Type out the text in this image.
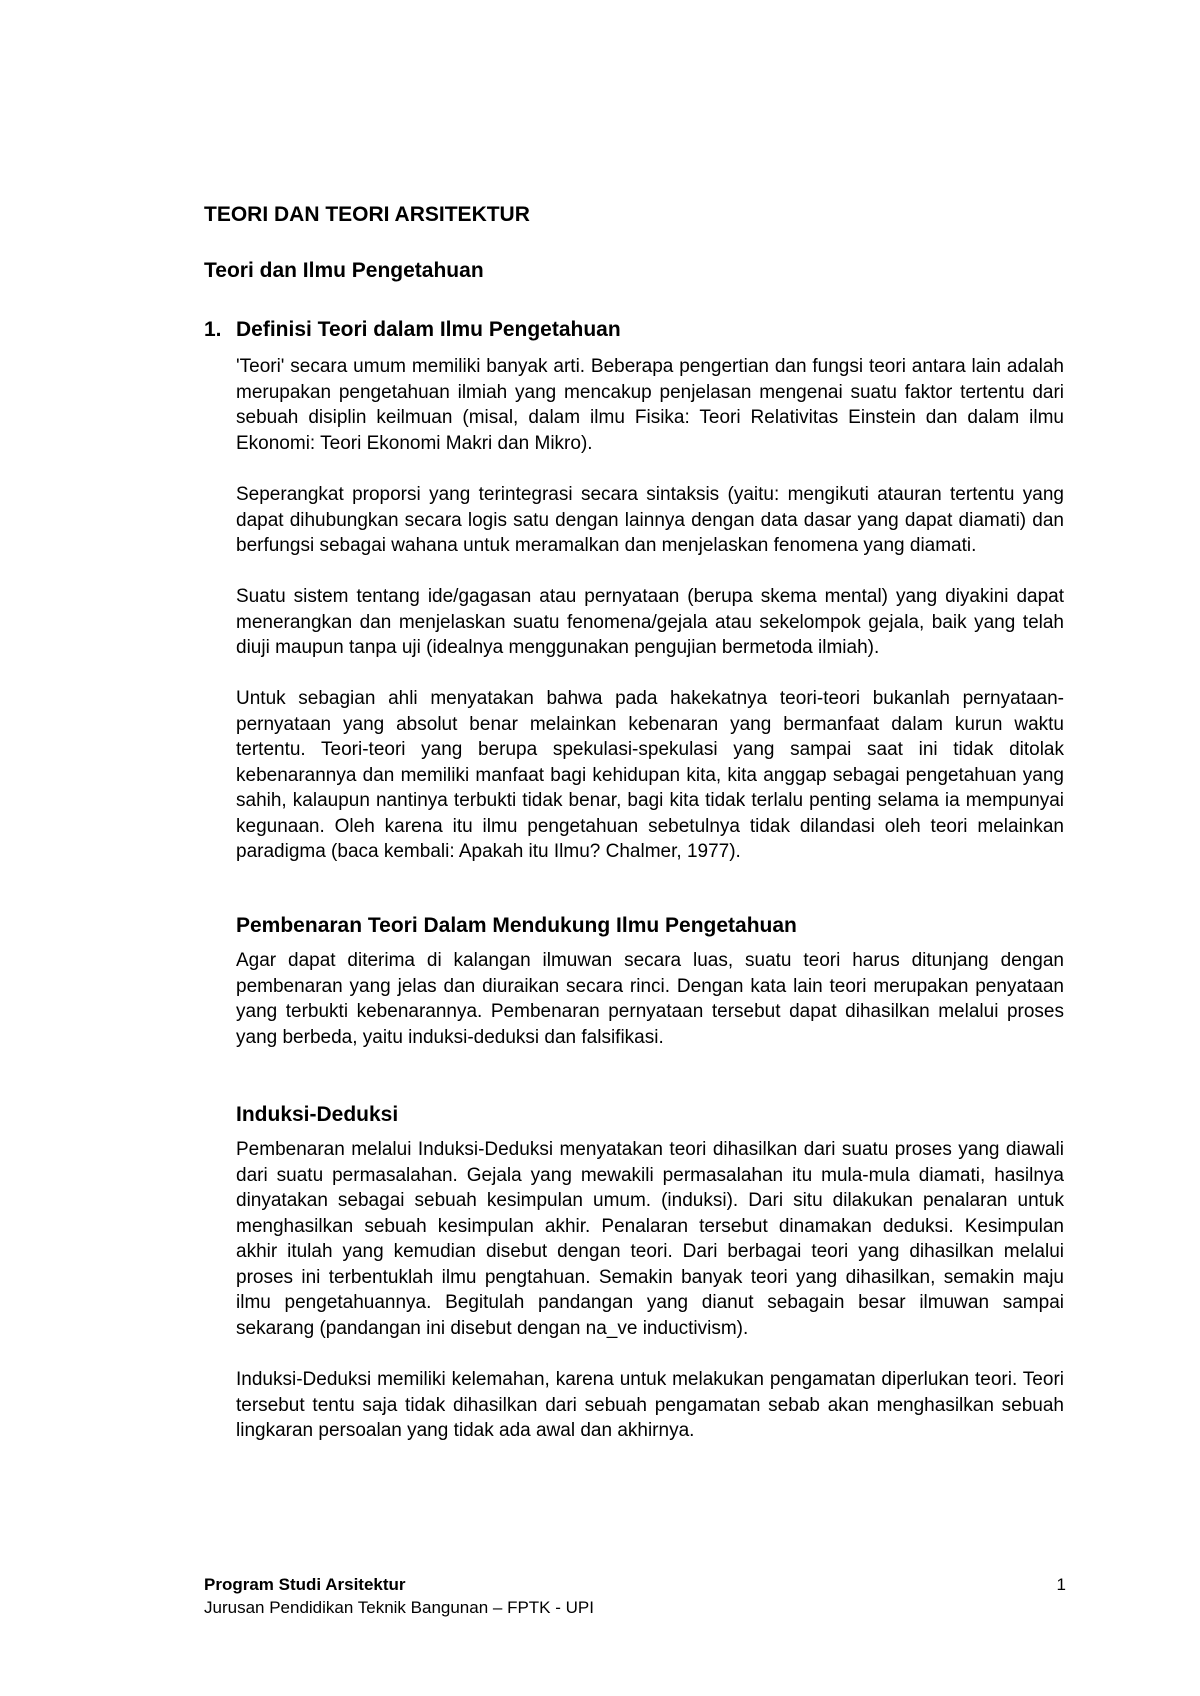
TEORI DAN TEORI ARSITEKTUR
Teori dan Ilmu Pengetahuan
1. Definisi Teori dalam Ilmu Pengetahuan

'Teori' secara umum memiliki banyak arti. Beberapa pengertian dan fungsi teori antara lain adalah merupakan pengetahuan ilmiah yang mencakup penjelasan mengenai suatu faktor tertentu dari sebuah disiplin keilmuan (misal, dalam ilmu Fisika: Teori Relativitas Einstein dan dalam ilmu Ekonomi: Teori Ekonomi Makri dan Mikro).

Seperangkat proporsi yang terintegrasi secara sintaksis (yaitu: mengikuti atauran tertentu yang dapat dihubungkan secara logis satu dengan lainnya dengan data dasar yang dapat diamati) dan berfungsi sebagai wahana untuk meramalkan dan menjelaskan fenomena yang diamati.

Suatu sistem tentang ide/gagasan atau pernyataan (berupa skema mental) yang diyakini dapat menerangkan dan menjelaskan suatu fenomena/gejala atau sekelompok gejala, baik yang telah diuji maupun tanpa uji (idealnya menggunakan pengujian bermetoda ilmiah).

Untuk sebagian ahli menyatakan bahwa pada hakekatnya teori-teori bukanlah pernyataan-pernyataan yang absolut benar melainkan kebenaran yang bermanfaat dalam kurun waktu tertentu. Teori-teori yang berupa spekulasi-spekulasi yang sampai saat ini tidak ditolak kebenarannya dan memiliki manfaat bagi kehidupan kita, kita anggap sebagai pengetahuan yang sahih, kalaupun nantinya terbukti tidak benar, bagi kita tidak terlalu penting selama ia mempunyai kegunaan. Oleh karena itu ilmu pengetahuan sebetulnya tidak dilandasi oleh teori melainkan paradigma (baca kembali: Apakah itu Ilmu? Chalmer, 1977).

Pembenaran Teori Dalam Mendukung Ilmu Pengetahuan

Agar dapat diterima di kalangan ilmuwan secara luas, suatu teori harus ditunjang dengan pembenaran yang jelas dan diuraikan secara rinci. Dengan kata lain teori merupakan penyataan yang terbukti kebenarannya. Pembenaran pernyataan tersebut dapat dihasilkan melalui proses yang berbeda, yaitu induksi-deduksi dan falsifikasi.

Induksi-Deduksi

Pembenaran melalui Induksi-Deduksi menyatakan teori dihasilkan dari suatu proses yang diawali dari suatu permasalahan. Gejala yang mewakili permasalahan itu mula-mula diamati, hasilnya dinyatakan sebagai sebuah kesimpulan umum. (induksi). Dari situ dilakukan penalaran untuk menghasilkan sebuah kesimpulan akhir. Penalaran tersebut dinamakan deduksi. Kesimpulan akhir itulah yang kemudian disebut dengan teori. Dari berbagai teori yang dihasilkan melalui proses ini terbentuklah ilmu pengtahuan. Semakin banyak teori yang dihasilkan, semakin maju ilmu pengetahuannya. Begitulah pandangan yang dianut sebagain besar ilmuwan sampai sekarang (pandangan ini disebut dengan na_ve inductivism).

Induksi-Deduksi memiliki kelemahan, karena untuk melakukan pengamatan diperlukan teori. Teori tersebut tentu saja tidak dihasilkan dari sebuah pengamatan sebab akan menghasilkan sebuah lingkaran persoalan yang tidak ada awal dan akhirnya.

Program Studi Arsitektur

Jurusan Pendidikan Teknik Bangunan – FPTK - UPI

1
